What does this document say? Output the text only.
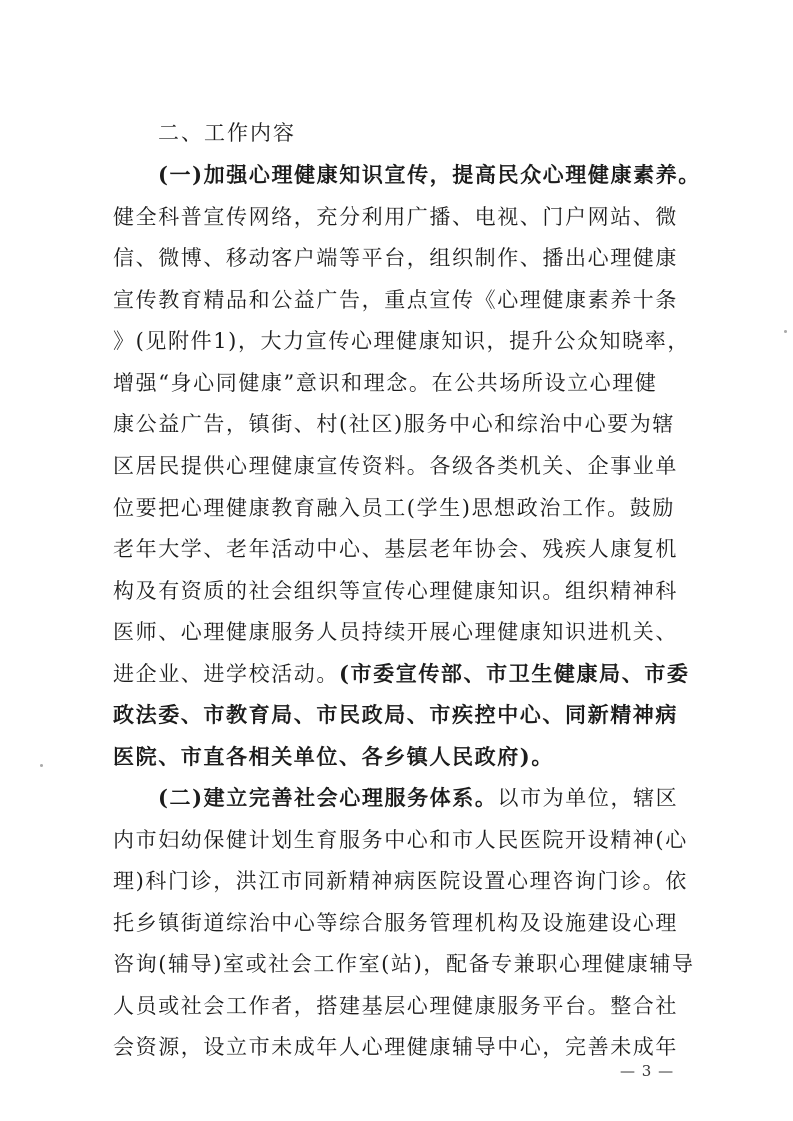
二、工作内容
(一)加强心理健康知识宣传，提高民众心理健康素养。
健全科普宣传网络，充分利用广播、电视、门户网站、微
信、微博、移动客户端等平台，组织制作、播出心理健康
宣传教育精品和公益广告，重点宣传《心理健康素养十条
》(见附件1)，大力宣传心理健康知识，提升公众知晓率，
增强“身心同健康”意识和理念。在公共场所设立心理健
康公益广告，镇街、村(社区)服务中心和综治中心要为辖
区居民提供心理健康宣传资料。各级各类机关、企事业单
位要把心理健康教育融入员工(学生)思想政治工作。鼓励
老年大学、老年活动中心、基层老年协会、残疾人康复机
构及有资质的社会组织等宣传心理健康知识。组织精神科
医师、心理健康服务人员持续开展心理健康知识进机关、
进企业、进学校活动。(市委宣传部、市卫生健康局、市委
政法委、市教育局、市民政局、市疾控中心、同新精神病
医院、市直各相关单位、各乡镇人民政府)。
(二)建立完善社会心理服务体系。以市为单位，辖区
内市妇幼保健计划生育服务中心和市人民医院开设精神(心
理)科门诊，洪江市同新精神病医院设置心理咨询门诊。依
托乡镇街道综治中心等综合服务管理机构及设施建设心理
咨询(辅导)室或社会工作室(站)，配备专兼职心理健康辅导
人员或社会工作者，搭建基层心理健康服务平台。整合社
会资源，设立市未成年人心理健康辅导中心，完善未成年
— 3 —
